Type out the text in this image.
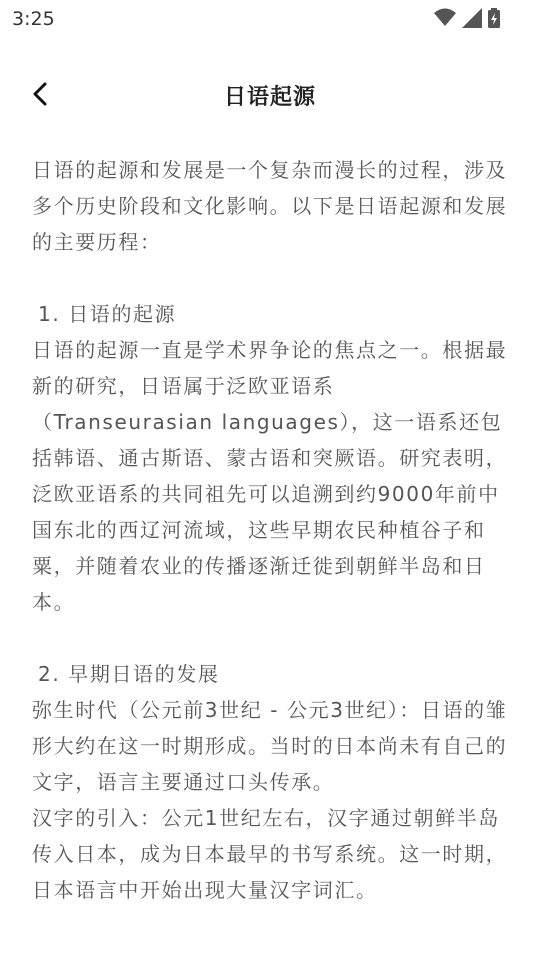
3:25
日语起源

日语的起源和发展是一个复杂而漫长的过程，涉及多个历史阶段和文化影响。以下是日语起源和发展的主要历程：

1. 日语的起源

日语的起源一直是学术界争论的焦点之一。根据最新的研究，日语属于泛欧亚语系（Transeurasian languages），这一语系还包括韩语、通古斯语、蒙古语和突厥语。研究表明，泛欧亚语系的共同祖先可以追溯到约9000年前中国东北的西辽河流域，这些早期农民种植谷子和粟，并随着农业的传播逐渐迁徙到朝鲜半岛和日本。

2. 早期日语的发展

弥生时代（公元前3世纪 - 公元3世纪）：日语的雏形大约在这一时期形成。当时的日本尚未有自己的文字，语言主要通过口头传承。

汉字的引入：公元1世纪左右，汉字通过朝鲜半岛传入日本，成为日本最早的书写系统。这一时期，日本语言中开始出现大量汉字词汇。
